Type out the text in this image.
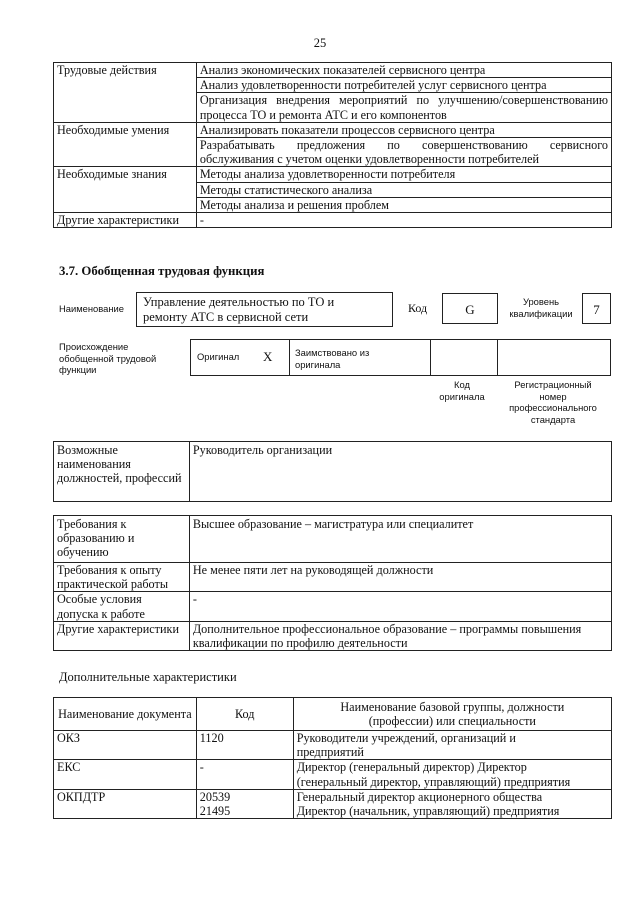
25
Трудовые действия	Анализ экономических показателей сервисного центра
	Анализ удовлетворенности потребителей услуг сервисного центра
	Организация внедрения мероприятий по улучшению/совершенствованию процесса ТО и ремонта АТС и его компонентов
Необходимые умения	Анализировать показатели процессов сервисного центра
	Разрабатывать предложения по совершенствованию сервисного обслуживания с учетом оценки удовлетворенности потребителей
Необходимые знания	Методы анализа удовлетворенности потребителя
	Методы статистического анализа
	Методы анализа и решения проблем
Другие характеристики	-
3.7. Обобщенная трудовая функция
Наименование Управление деятельностью по ТО и ремонту АТС в сервисной сети
Код	G
Уровень квалификации	7
Происхождение обобщенной трудовой функции
Оригинал X Заимствовано из оригинала
Код оригинала
Регистрационный номер профессионального стандарта
Возможные наименования должностей, профессий	Руководитель организации
Требования к образованию и обучению	Высшее образование – магистратура или специалитет
Требования к опыту практической работы	Не менее пяти лет на руководящей должности
Особые условия допуска к работе	-
Другие характеристики	Дополнительное профессиональное образование – программы повышения квалификации по профилю деятельности
Дополнительные характеристики
Наименование документа	Код	Наименование базовой группы, должности (профессии) или специальности
ОКЗ	1120	Руководители учреждений, организаций и предприятий
ЕКС	-	Директор (генеральный директор) Директор (генеральный директор, управляющий) предприятия
ОКПДТР	20539 21495	Генеральный директор акционерного общества Директор (начальник, управляющий) предприятия
